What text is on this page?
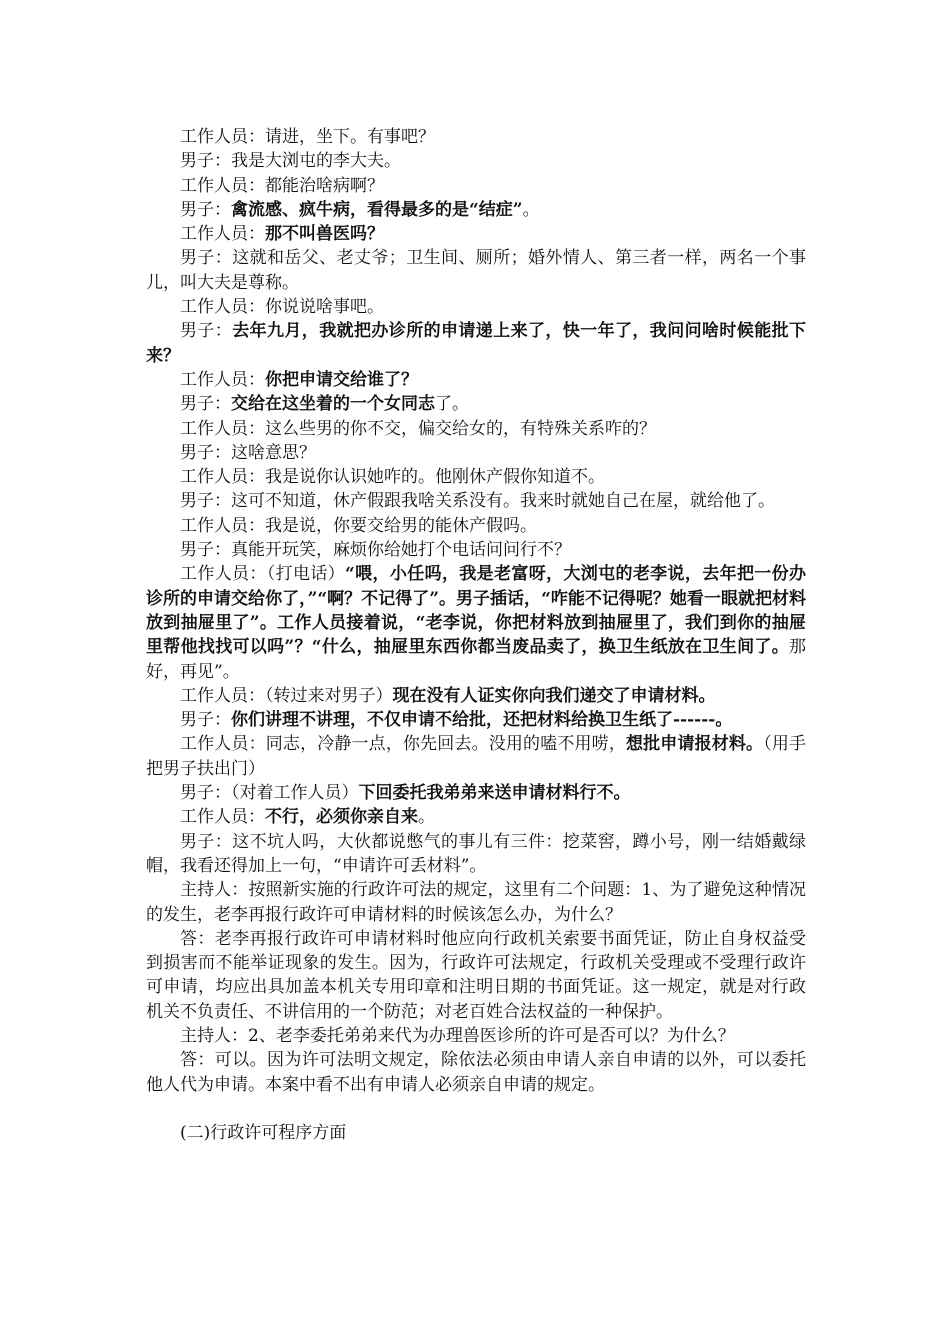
工作人员：请进，坐下。有事吧？

男子：我是大浏屯的李大夫。

工作人员：都能治啥病啊？

男子：禽流感、疯牛病，看得最多的是“结症”。

工作人员：那不叫兽医吗？

男子：这就和岳父、老丈爷；卫生间、厕所；婚外情人、第三者一样，两名一个事儿，叫大夫是尊称。

工作人员：你说说啥事吧。

男子：去年九月，我就把办诊所的申请递上来了，快一年了，我问问啥时候能批下来？

工作人员：你把申请交给谁了？

男子：交给在这坐着的一个女同志了。

工作人员：这么些男的你不交，偏交给女的，有特殊关系咋的？

男子：这啥意思？

工作人员：我是说你认识她咋的。他刚休产假你知道不。

男子：这可不知道，休产假跟我啥关系没有。我来时就她自己在屋，就给他了。

工作人员：我是说，你要交给男的能休产假吗。

男子：真能开玩笑，麻烦你给她打个电话问问行不？

工作人员：（打电话）“喂，小任吗，我是老富呀，大浏屯的老李说，去年把一份办诊所的申请交给你了，”“啊？不记得了”。男子插话，“咋能不记得呢？她看一眼就把材料放到抽屉里了”。工作人员接着说，“老李说，你把材料放到抽屉里了，我们到你的抽屉里帮他找找可以吗”？“什么，抽屉里东西你都当废品卖了，换卫生纸放在卫生间了。那好，再见”。

工作人员：（转过来对男子）现在没有人证实你向我们递交了申请材料。

男子：你们讲理不讲理，不仅申请不给批，还把材料给换卫生纸了------。

工作人员：同志，冷静一点，你先回去。没用的嗑不用唠，想批申请报材料。（用手把男子扶出门）

男子：（对着工作人员）下回委托我弟弟来送申请材料行不。

工作人员：不行，必须你亲自来。

男子：这不坑人吗，大伙都说憋气的事儿有三件：挖菜窖，蹲小号，刚一结婚戴绿帽，我看还得加上一句，“申请许可丢材料”。

主持人：按照新实施的行政许可法的规定，这里有二个问题：1、为了避免这种情况的发生，老李再报行政许可申请材料的时候该怎么办，为什么？

答：老李再报行政许可申请材料时他应向行政机关索要书面凭证，防止自身权益受到损害而不能举证现象的发生。因为，行政许可法规定，行政机关受理或不受理行政许可申请，均应出具加盖本机关专用印章和注明日期的书面凭证。这一规定，就是对行政机关不负责任、不讲信用的一个防范；对老百姓合法权益的一种保护。

主持人：2、老李委托弟弟来代为办理兽医诊所的许可是否可以？为什么？

答：可以。因为许可法明文规定，除依法必须由申请人亲自申请的以外，可以委托他人代为申请。本案中看不出有申请人必须亲自申请的规定。

(二)行政许可程序方面
